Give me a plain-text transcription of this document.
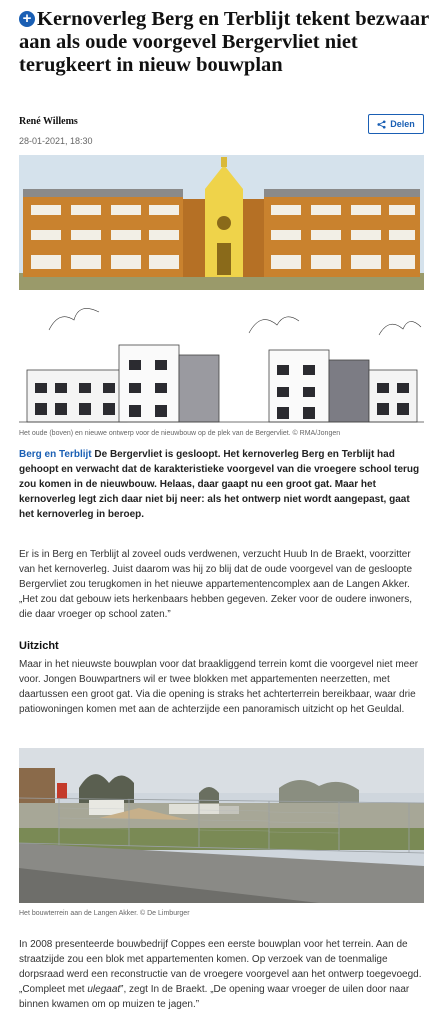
+ Kernoverleg Berg en Terblijt tekent bezwaar aan als oude voorgevel Bergervliet niet terugkeert in nieuw bouwplan
René Willems
28-01-2021, 18:30
Delen
Het oude (boven) en nieuwe ontwerp voor de nieuwbouw op de plek van de Bergervliet. © RMA/Jongen

Berg en Terblijt De Bergervliet is gesloopt. Het kernoverleg Berg en Terblijt had gehoopt en verwacht dat de karakteristieke voorgevel van die vroegere school terug zou komen in de nieuwbouw. Helaas, daar gaapt nu een groot gat. Maar het kernoverleg legt zich daar niet bij neer: als het ontwerp niet wordt aangepast, gaat het kernoverleg in beroep.

Er is in Berg en Terblijt al zoveel ouds verdwenen, verzucht Huub In de Braekt, voorzitter van het kernoverleg. Juist daarom was hij zo blij dat de oude voorgevel van de gesloopte Bergervliet zou terugkomen in het nieuwe appartementencomplex aan de Langen Akker. „Het zou dat gebouw iets herkenbaars hebben gegeven. Zeker voor de oudere inwoners, die daar vroeger op school zaten.”

Uitzicht

Maar in het nieuwste bouwplan voor dat braakliggend terrein komt die voorgevel niet meer voor. Jongen Bouwpartners wil er twee blokken met appartementen neerzetten, met daartussen een groot gat. Via die opening is straks het achterterrein bereikbaar, waar drie patiowoningen komen met aan de achterzijde een panoramisch uitzicht op het Geuldal.

Het bouwterrein aan de Langen Akker. © De Limburger

In 2008 presenteerde bouwbedrijf Coppes een eerste bouwplan voor het terrein. Aan de straatzijde zou een blok met appartementen komen. Op verzoek van de toenmalige dorpsraad werd een reconstructie van de vroegere voorgevel aan het ontwerp toegevoegd. „Compleet met ulegaat”, zegt In de Braekt. „De opening waar vroeger de uilen door naar binnen kwamen om op muizen te jagen.”
